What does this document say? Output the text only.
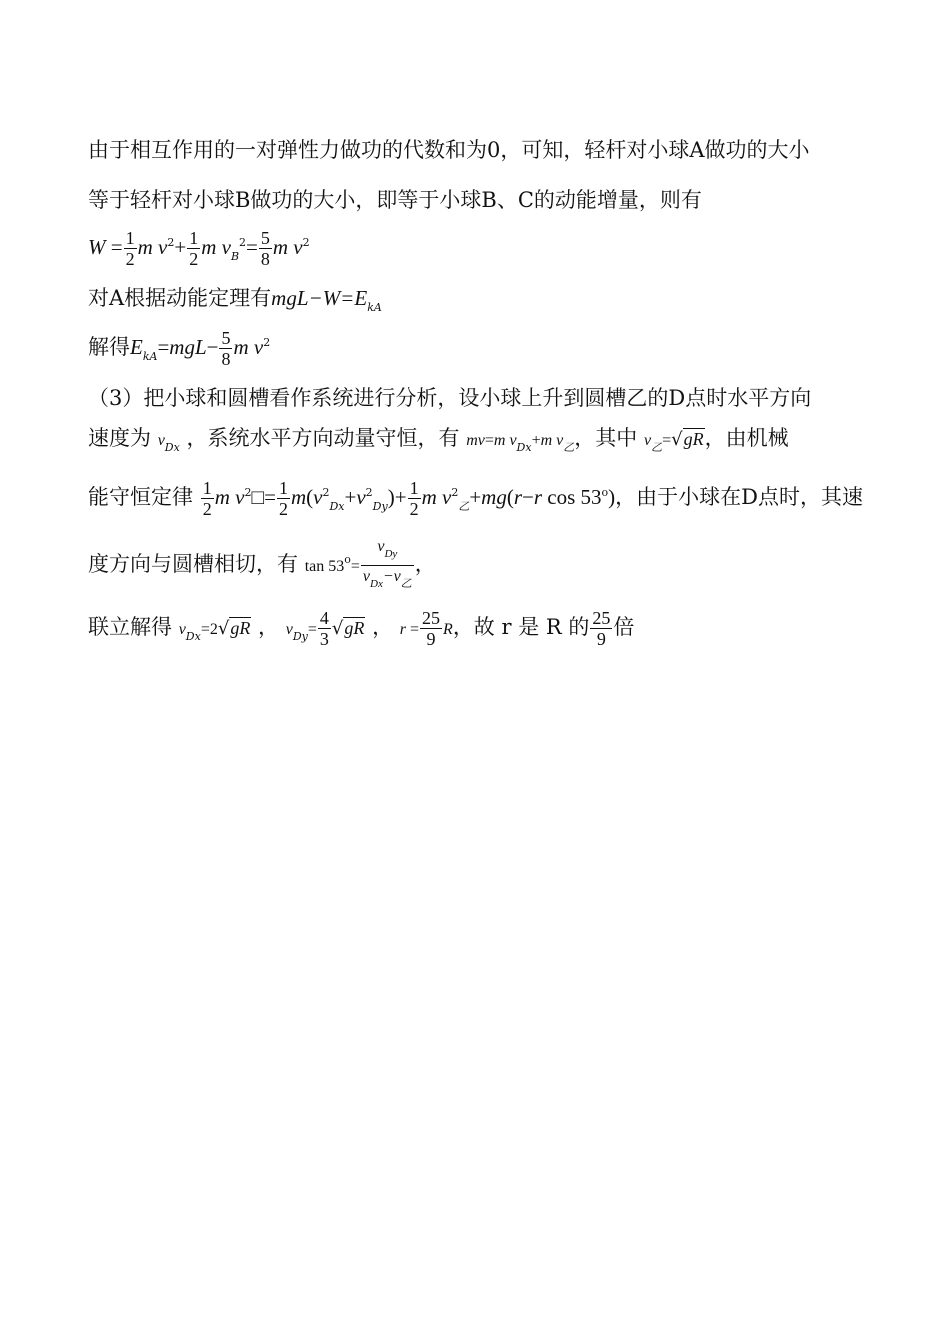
由于相互作用的一对弹性力做功的代数和为0，可知，轻杆对小球A做功的大小
等于轻杆对小球B做功的大小，即等于小球B、C的动能增量，则有
$W = \frac{1}{2}$ m $v^2+ \frac{1}{2}$ m $v_B^2= \frac{5}{8}$ m $v^2$
对A根据动能定理有$mgL-W=E_{kA}$
解得$E_{kA}=mgL- \frac{5}{8}$ m $v^2$
（3）把小球和圆槽看作系统进行分析，设小球上升到圆槽乙的D点时水平方向
速度为 $v_{Dx}$ ，系统水平方向动量守恒，有 mv=m $v_{Dx}+m$ $v_乙$，其中 $v_乙=√gR$，由机械
能守恒定律 $\frac{1}{2}$ m $v^2□= \frac{1}{2} m(v^2_{Dx}+v^2_{Dy})+ \frac{1}{2}$ m $v^2_乙+mg(r-r$ cos 53$^o$)，由于小球在D点时，其速
度方向与圆槽相切，有 $\tan 53^o= \frac{v_{Dy}}{v_{Dx}-v_乙}$ ，
联立解得 $v_{Dx}=2√gR$ ， $v_{Dy}= \frac{4}{3} √gR$ ， $r = \frac{25}{9}$ R，故 r 是 R 的 $\frac{25}{9}$ 倍
